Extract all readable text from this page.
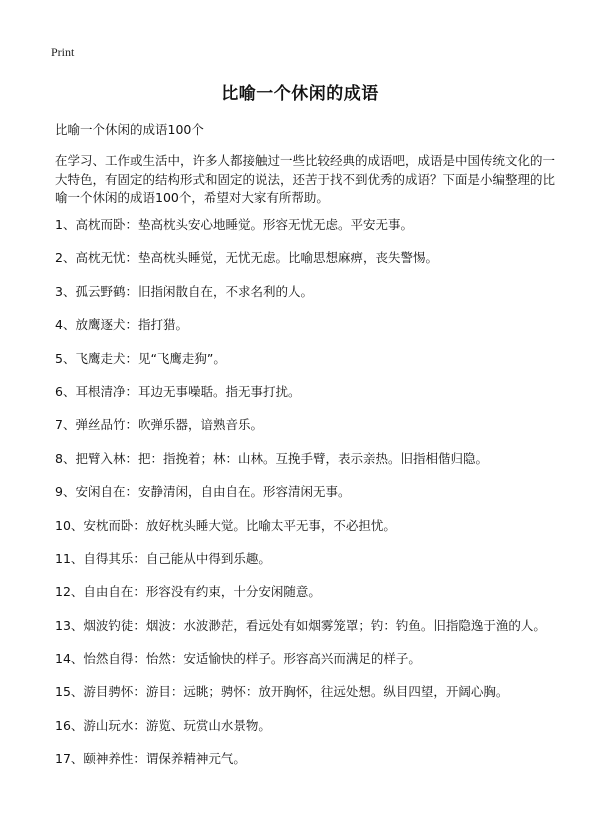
Print
比喻一个休闲的成语
比喻一个休闲的成语100个
在学习、工作或生活中，许多人都接触过一些比较经典的成语吧，成语是中国传统文化的一大特色，有固定的结构形式和固定的说法，还苦于找不到优秀的成语？下面是小编整理的比喻一个休闲的成语100个，希望对大家有所帮助。
1、高枕而卧：垫高枕头安心地睡觉。形容无忧无虑。平安无事。
2、高枕无忧：垫高枕头睡觉，无忧无虑。比喻思想麻痹，丧失警惕。
3、孤云野鹤：旧指闲散自在，不求名利的人。
4、放鹰逐犬：指打猎。
5、飞鹰走犬：见“飞鹰走狗”。
6、耳根清净：耳边无事噪聒。指无事打扰。
7、弹丝品竹：吹弹乐器，谙熟音乐。
8、把臂入林：把：指挽着；林：山林。互挽手臂，表示亲热。旧指相偕归隐。
9、安闲自在：安静清闲，自由自在。形容清闲无事。
10、安枕而卧：放好枕头睡大觉。比喻太平无事，不必担忧。
11、自得其乐：自己能从中得到乐趣。
12、自由自在：形容没有约束，十分安闲随意。
13、烟波钓徒：烟波：水波渺茫，看远处有如烟雾笼罩；钓：钓鱼。旧指隐逸于渔的人。
14、怡然自得：怡然：安适愉快的样子。形容高兴而满足的样子。
15、游目骋怀：游目：远眺；骋怀：放开胸怀，往远处想。纵目四望，开阔心胸。
16、游山玩水：游览、玩赏山水景物。
17、颐神养性：谓保养精神元气。
